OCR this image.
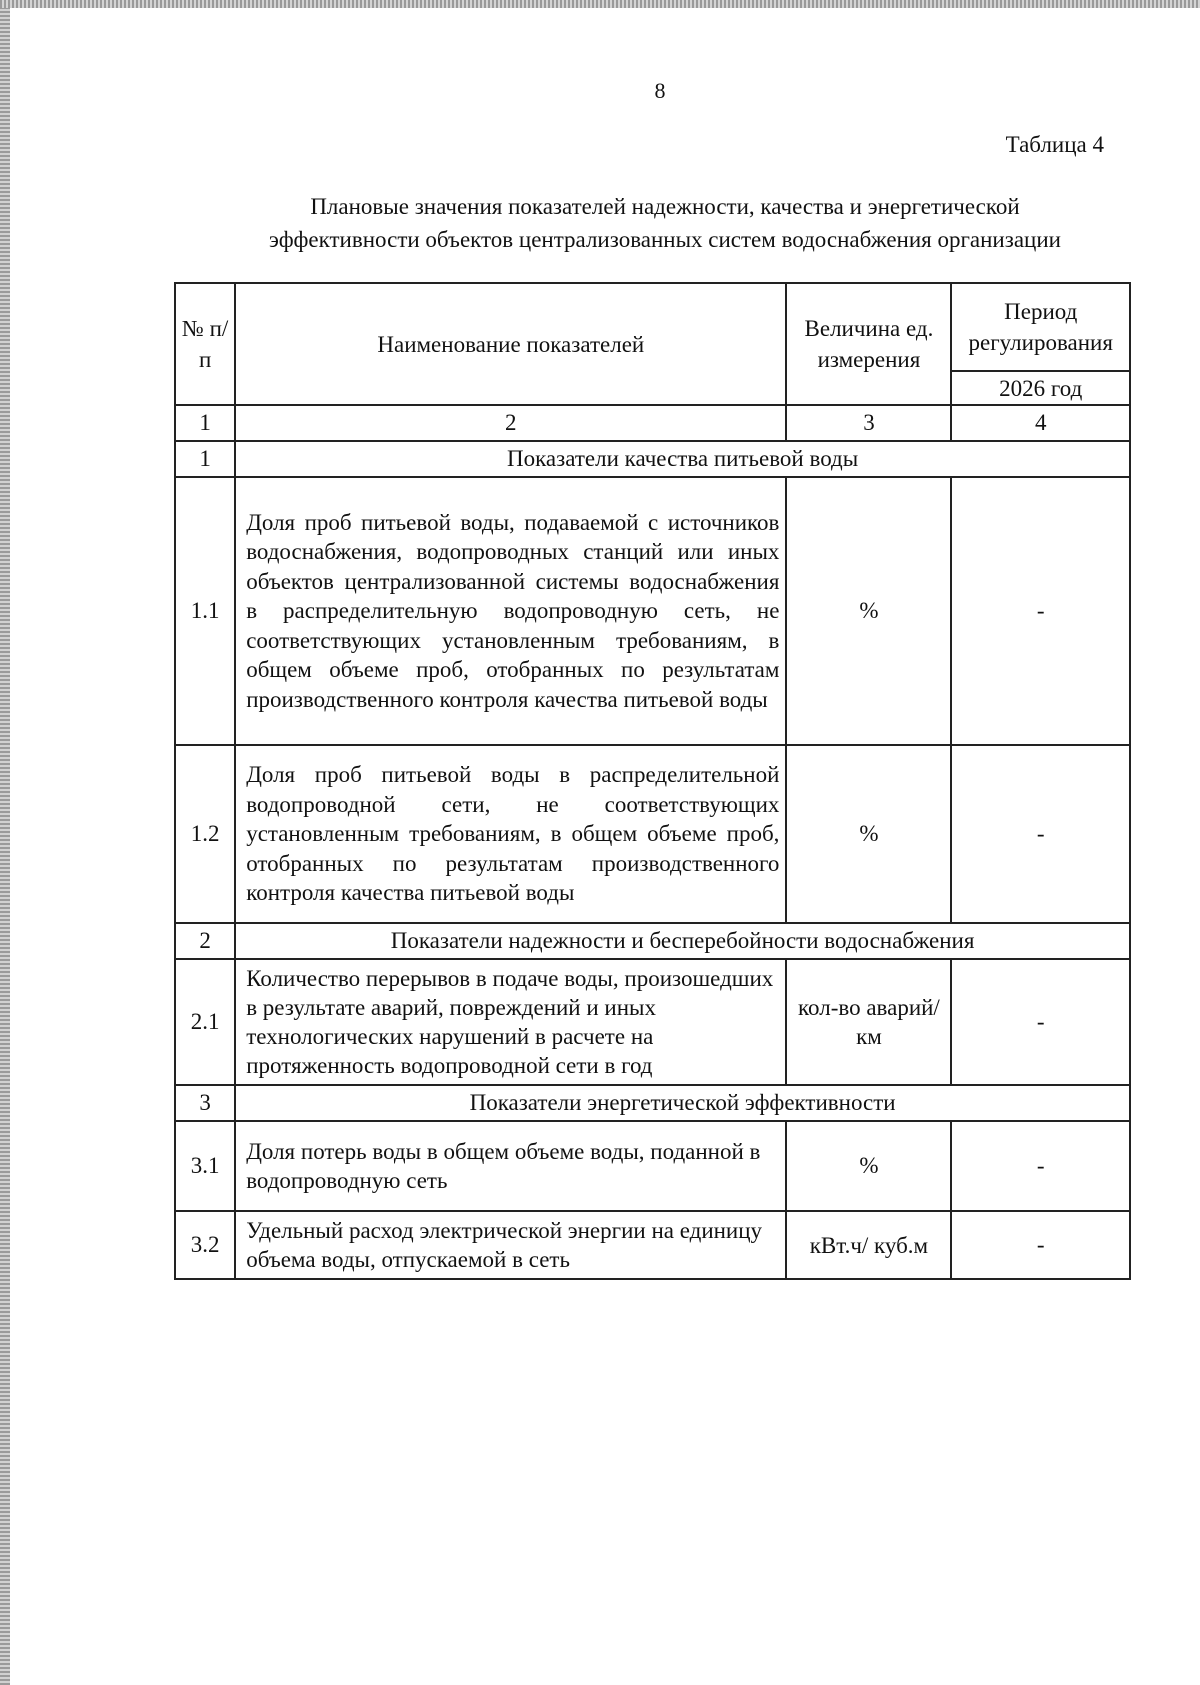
8
Таблица 4
Плановые значения показателей надежности, качества и энергетической
эффективности объектов централизованных систем водоснабжения организации
№ п/п	Наименование показателей	Величина ед. измерения	Период регулирования
			2026 год
1	2	3	4
1	Показатели качества питьевой воды		
1.1	Доля проб питьевой воды, подаваемой с источников водоснабжения, водопроводных станций или иных объектов централизованной системы водоснабжения в распределительную водопроводную сеть, не соответствующих установленным требованиям, в общем объеме проб, отобранных по результатам производственного контроля качества питьевой воды	%	-
1.2	Доля проб питьевой воды в распределительной водопроводной сети, не соответствующих установленным требованиям, в общем объеме проб, отобранных по результатам производственного контроля качества питьевой воды	%	-
2	Показатели надежности и бесперебойности водоснабжения		
2.1	Количество перерывов в подаче воды, произошедших в результате аварий, повреждений и иных технологических нарушений в расчете на протяженность водопроводной сети в год	кол-во аварий/км	-
3	Показатели энергетической эффективности		
3.1	Доля потерь воды в общем объеме воды, поданной в водопроводную сеть	%	-
3.2	Удельный расход электрической энергии на единицу объема воды, отпускаемой в сеть	кВт.ч/ куб.м	-
